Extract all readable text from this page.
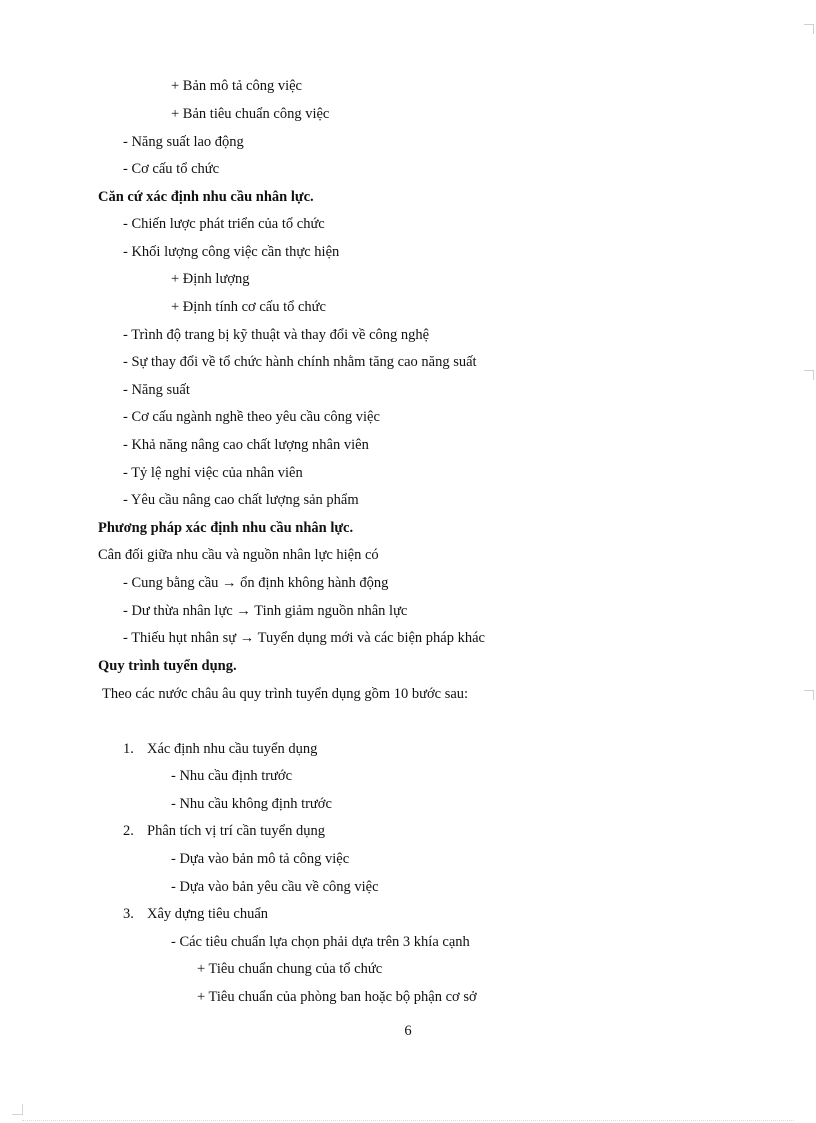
+ Bản mô tả công việc
+ Bản tiêu chuẩn công việc
- Năng suất lao động
- Cơ cấu tổ chức
Căn cứ xác định nhu cầu nhân lực.
- Chiến lược phát triển của tổ chức
- Khối lượng công việc cần thực hiện
+ Định lượng
+ Định tính cơ cấu tổ chức
- Trình độ trang bị kỹ thuật và thay đổi về công nghệ
- Sự thay đổi về tổ chức hành chính nhằm tăng cao năng suất
- Năng suất
- Cơ cấu ngành nghề theo yêu cầu công việc
- Khả năng nâng cao chất lượng nhân viên
- Tỷ lệ nghỉ việc của nhân viên
- Yêu cầu nâng cao chất lượng sản phẩm
Phương pháp xác định nhu cầu nhân lực.
Cân đối giữa nhu cầu và nguồn nhân lực hiện có
- Cung bằng cầu → ổn định không hành động
- Dư thừa nhân lực → Tinh giảm nguồn nhân lực
- Thiếu hụt nhân sự → Tuyển dụng mới và các biện pháp khác
Quy trình tuyển dụng.
Theo các nước châu âu quy trình tuyển dụng gồm 10 bước sau:
1. Xác định nhu cầu tuyển dụng
- Nhu cầu định trước
- Nhu cầu không định trước
2. Phân tích vị trí cần tuyển dụng
- Dựa vào bản mô tả công việc
- Dựa vào bản yêu cầu về công việc
3. Xây dựng tiêu chuẩn
- Các tiêu chuẩn lựa chọn phải dựa trên 3 khía cạnh
+ Tiêu chuẩn chung của tổ chức
+ Tiêu chuẩn của phòng ban hoặc bộ phận cơ sở
6
